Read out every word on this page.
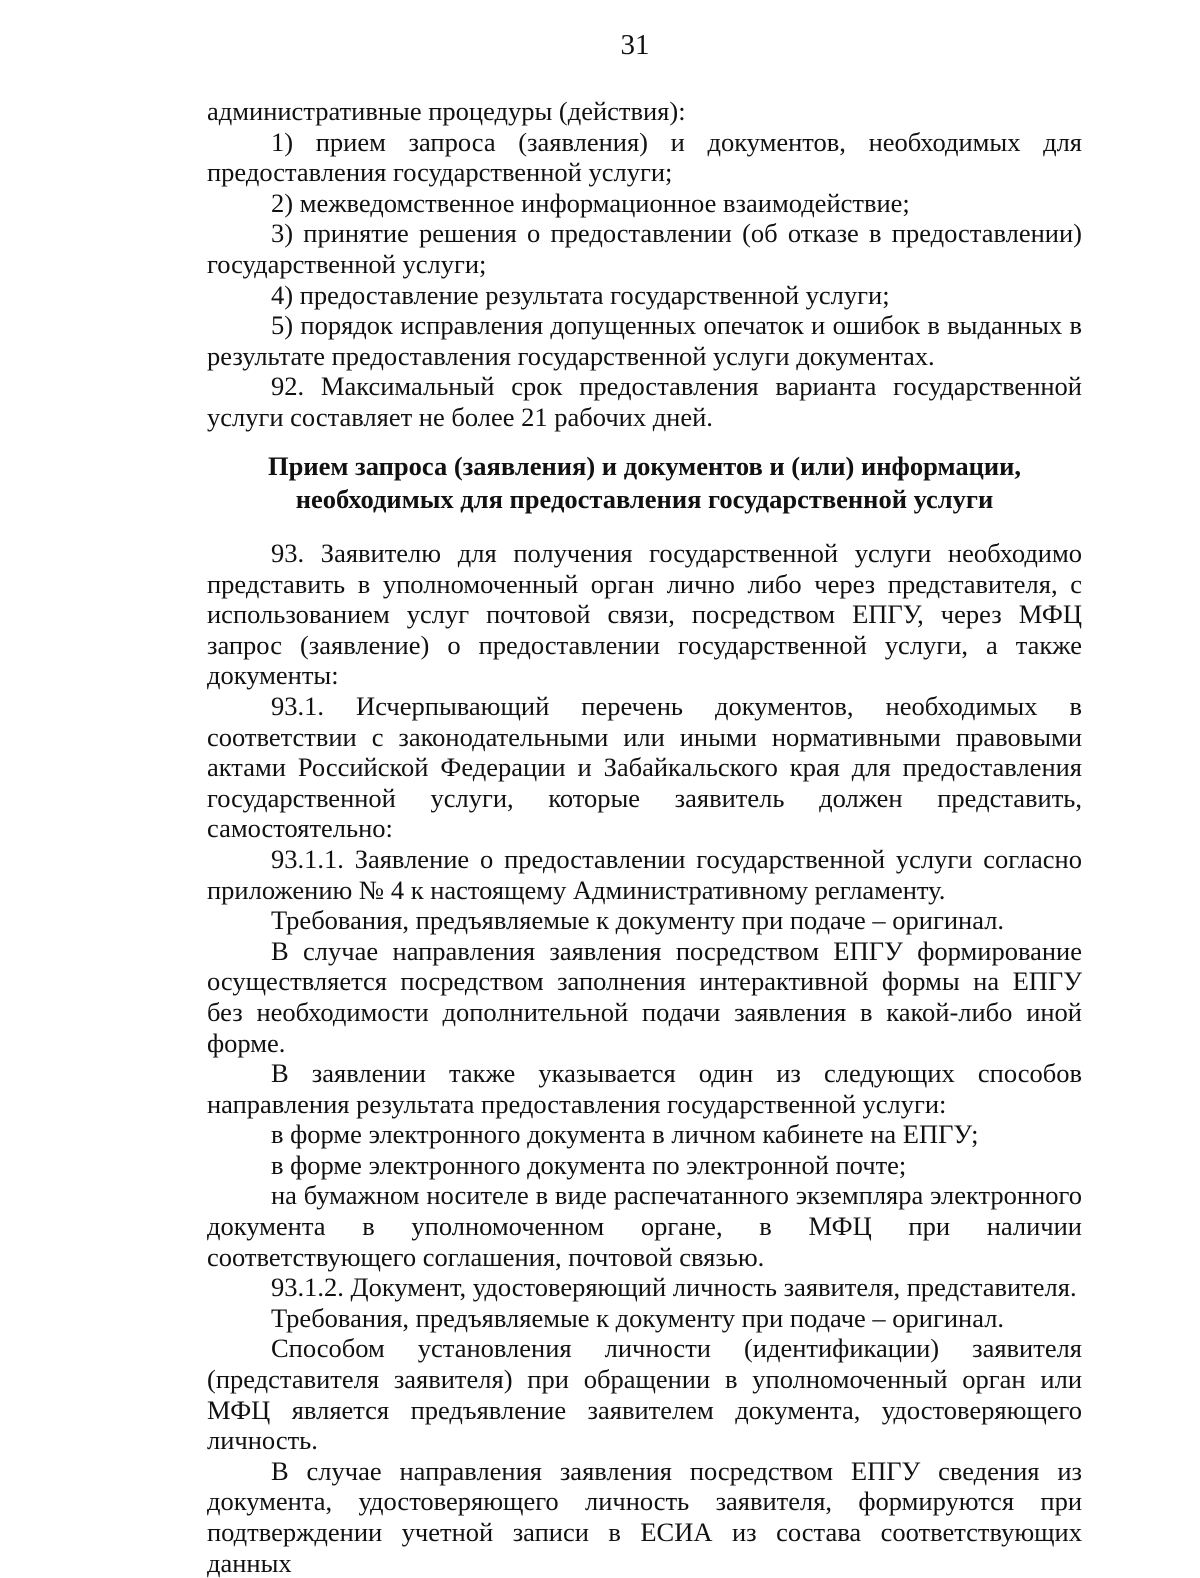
31

административные процедуры (действия):

1) прием запроса (заявления) и документов, необходимых для предоставления государственной услуги;

2) межведомственное информационное взаимодействие;

3) принятие решения о предоставлении (об отказе в предоставлении) государственной услуги;

4) предоставление результата государственной услуги;

5) порядок исправления допущенных опечаток и ошибок в выданных в результате предоставления государственной услуги документах.

92. Максимальный срок предоставления варианта государственной услуги составляет не более 21 рабочих дней.

Прием запроса (заявления) и документов и (или) информации,
необходимых для предоставления государственной услуги

93. Заявителю для получения государственной услуги необходимо представить в уполномоченный орган лично либо через представителя, с использованием услуг почтовой связи, посредством ЕПГУ, через МФЦ запрос (заявление) о предоставлении государственной услуги, а также документы:

93.1. Исчерпывающий перечень документов, необходимых в соответствии с законодательными или иными нормативными правовыми актами Российской Федерации и Забайкальского края для предоставления государственной услуги, которые заявитель должен представить, самостоятельно:

93.1.1. Заявление о предоставлении государственной услуги согласно приложению № 4 к настоящему Административному регламенту.

Требования, предъявляемые к документу при подаче – оригинал.

В случае направления заявления посредством ЕПГУ формирование осуществляется посредством заполнения интерактивной формы на ЕПГУ без необходимости дополнительной подачи заявления в какой-либо иной форме.

В заявлении также указывается один из следующих способов направления результата предоставления государственной услуги:

в форме электронного документа в личном кабинете на ЕПГУ;

в форме электронного документа по электронной почте;

на бумажном носителе в виде распечатанного экземпляра электронного документа в уполномоченном органе, в МФЦ при наличии соответствующего соглашения, почтовой связью.

93.1.2. Документ, удостоверяющий личность заявителя, представителя.

Требования, предъявляемые к документу при подаче – оригинал.

Способом установления личности (идентификации) заявителя (представителя заявителя) при обращении в уполномоченный орган или МФЦ является предъявление заявителем документа, удостоверяющего личность.

В случае направления заявления посредством ЕПГУ сведения из документа, удостоверяющего личность заявителя, формируются при подтверждении учетной записи в ЕСИА из состава соответствующих данных
